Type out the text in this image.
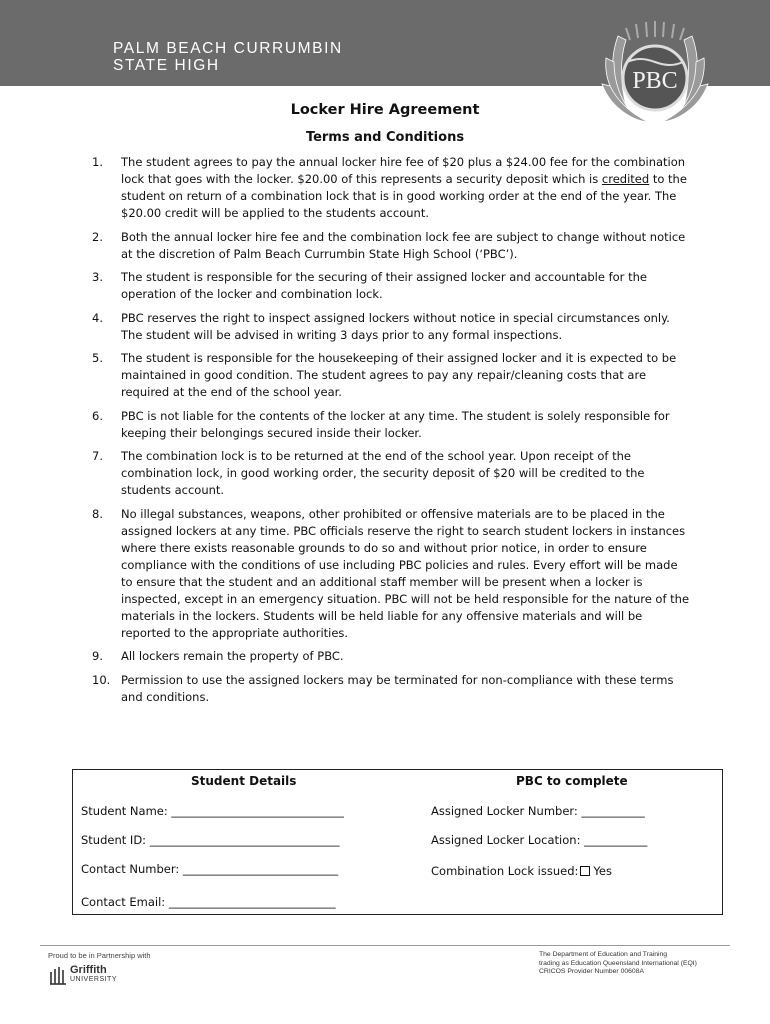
PALM BEACH CURRUMBIN
STATE HIGH
PBC
Locker Hire Agreement
Terms and Conditions
1. The student agrees to pay the annual locker hire fee of $20 plus a $24.00 fee for the combination lock that goes with the locker. $20.00 of this represents a security deposit which is credited to the student on return of a combination lock that is in good working order at the end of the year. The $20.00 credit will be applied to the students account.
2. Both the annual locker hire fee and the combination lock fee are subject to change without notice at the discretion of Palm Beach Currumbin State High School (‘PBC’).
3. The student is responsible for the securing of their assigned locker and accountable for the operation of the locker and combination lock.
4. PBC reserves the right to inspect assigned lockers without notice in special circumstances only. The student will be advised in writing 3 days prior to any formal inspections.
5. The student is responsible for the housekeeping of their assigned locker and it is expected to be maintained in good condition. The student agrees to pay any repair/cleaning costs that are required at the end of the school year.
6. PBC is not liable for the contents of the locker at any time. The student is solely responsible for keeping their belongings secured inside their locker.
7. The combination lock is to be returned at the end of the school year. Upon receipt of the combination lock, in good working order, the security deposit of $20 will be credited to the students account.
8. No illegal substances, weapons, other prohibited or offensive materials are to be placed in the assigned lockers at any time. PBC officials reserve the right to search student lockers in instances where there exists reasonable grounds to do so and without prior notice, in order to ensure compliance with the conditions of use including PBC policies and rules. Every effort will be made to ensure that the student and an additional staff member will be present when a locker is inspected, except in an emergency situation. PBC will not be held responsible for the nature of the materials in the lockers. Students will be held liable for any offensive materials and will be reported to the appropriate authorities.
9. All lockers remain the property of PBC.
10. Permission to use the assigned lockers may be terminated for non-compliance with these terms and conditions.
Student Details	PBC to complete
Student Name: ______________________________
Student ID: _________________________________
Contact Number: ___________________________
Contact Email: _____________________________
Assigned Locker Number: ___________
Assigned Locker Location: ___________
Combination Lock issued: Yes
Proud to be in Partnership with
Griffith
UNIVERSITY
The Department of Education and Training
trading as Education Queensland International (EQI)
CRICOS Provider Number 00608A
